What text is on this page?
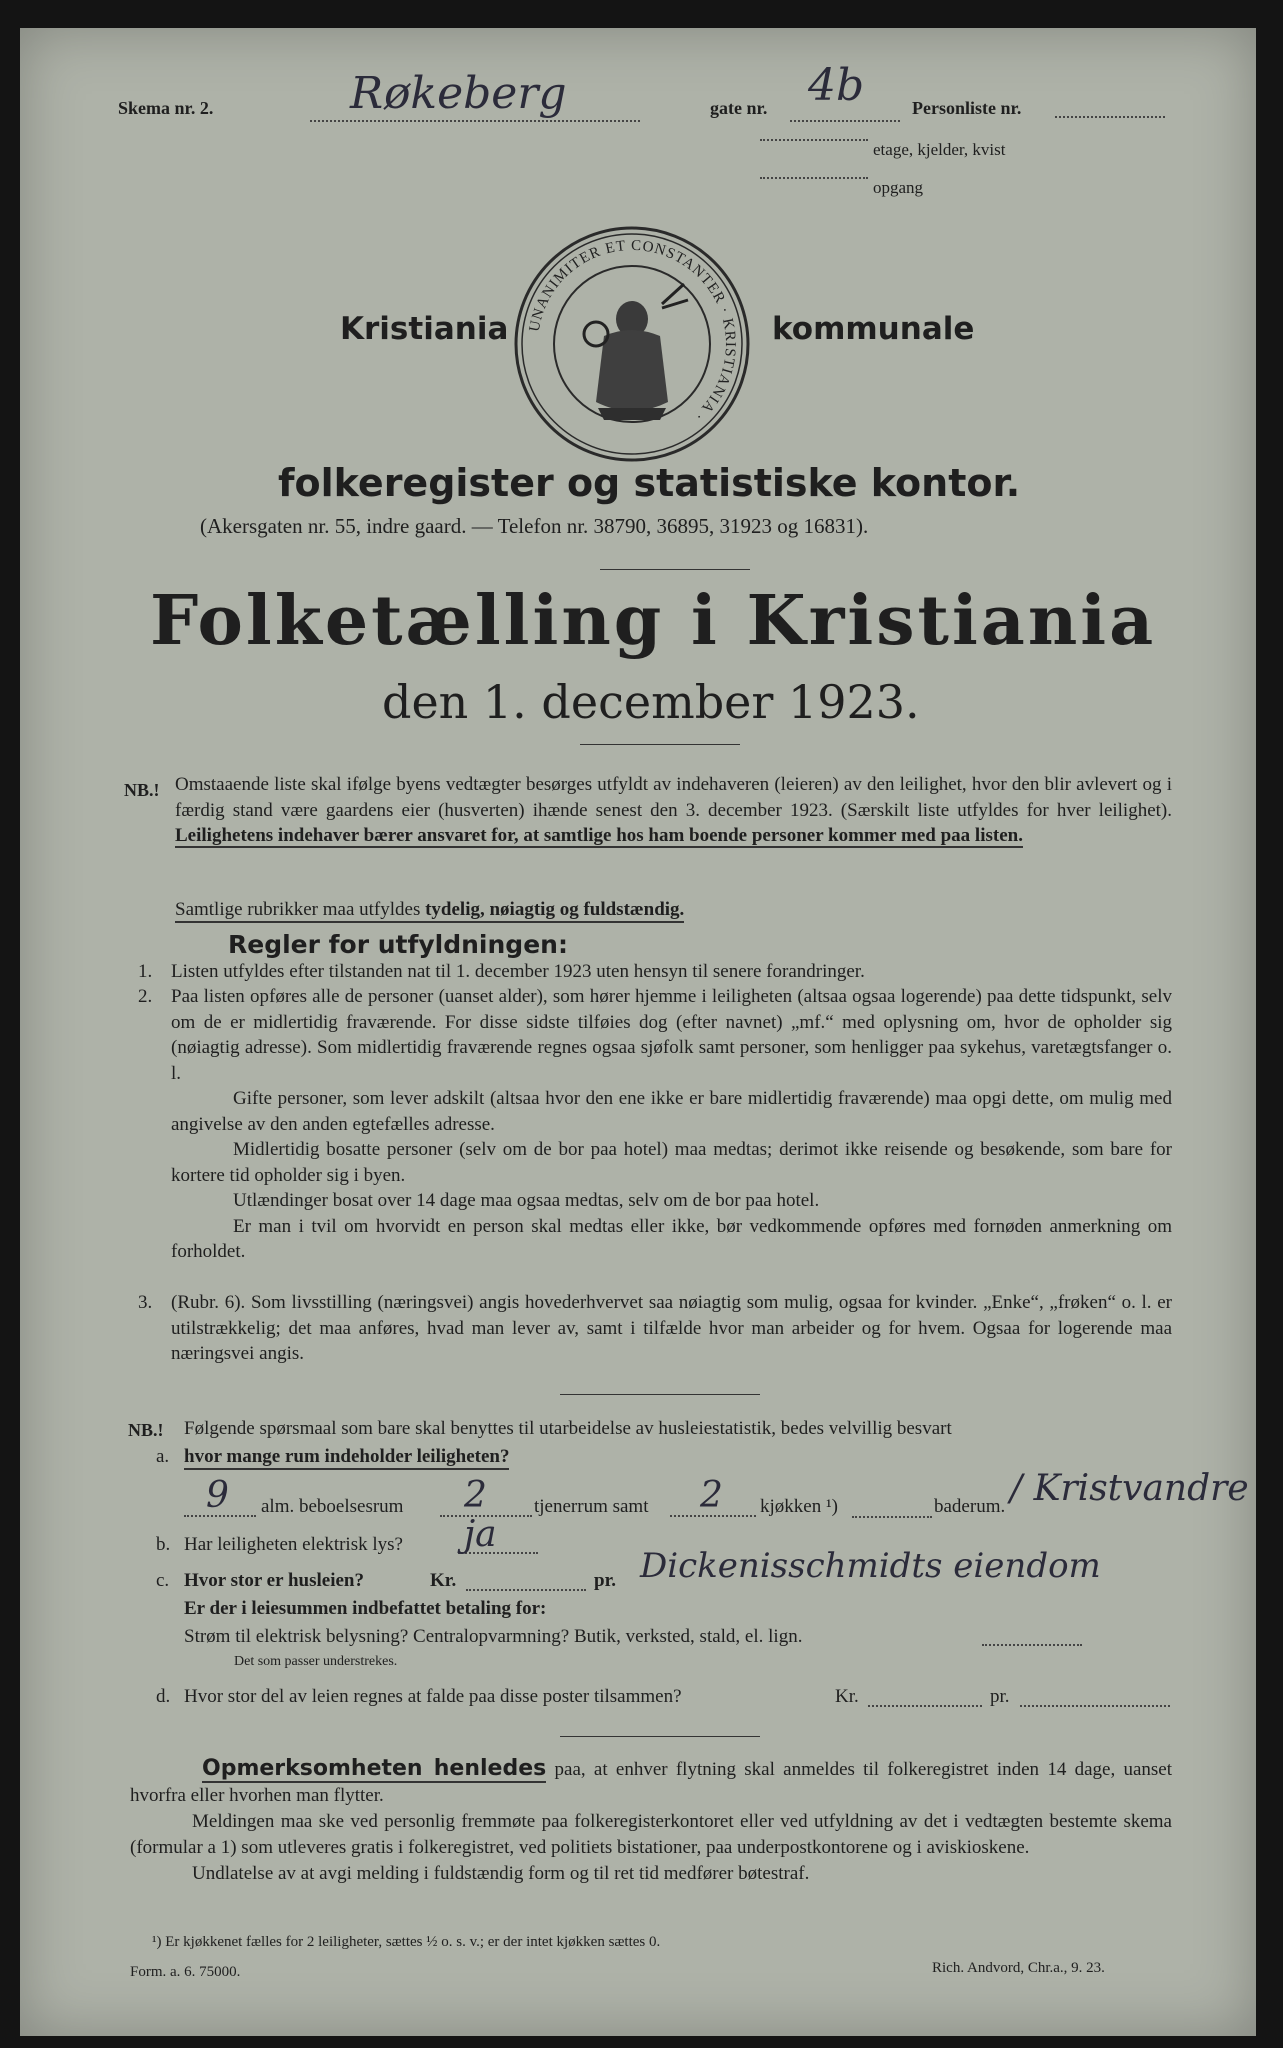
Skema nr. 2.	Røkeberg	gate nr. 4b	Personliste nr.
etage, kjelder, kvist
opgang
Kristiania UNANIMITER ET CONSTANTER · KRISTIANIA ·
kommunale
folkeregister og statistiske kontor.
(Akersgaten nr. 55, indre gaard. — Telefon nr. 38790, 36895, 31923 og 16831).
Folketælling i Kristiania
den 1. december 1923.
NB.! Omstaaende liste skal ifølge byens vedtægter besørges utfyldt av indehaveren (leieren) av den leilighet, hvor den blir avlevert og i færdig stand være gaardens eier (husverten) ihænde senest den 3. december 1923. (Særskilt liste utfyldes for hver leilighet). Leilighetens indehaver bærer ansvaret for, at samtlige hos ham boende personer kommer med paa listen.

Samtlige rubrikker maa utfyldes tydelig, nøiagtig og fuldstændig.
Regler for utfyldningen:
1. Listen utfyldes efter tilstanden nat til 1. december 1923 uten hensyn til senere forandringer.

2. Paa listen opføres alle de personer (uanset alder), som hører hjemme i leiligheten (altsaa ogsaa logerende) paa dette tidspunkt, selv om de er midlertidig fraværende. For disse sidste tilføies dog (efter navnet) „mf.“ med oplysning om, hvor de opholder sig (nøiagtig adresse). Som midlertidig fraværende regnes ogsaa sjøfolk samt personer, som henligger paa sykehus, varetægtsfanger o. l.
Gifte personer, som lever adskilt (altsaa hvor den ene ikke er bare midlertidig fraværende) maa opgi dette, om mulig med angivelse av den anden egtefælles adresse.
Midlertidig bosatte personer (selv om de bor paa hotel) maa medtas; derimot ikke reisende og besøkende, som bare for kortere tid opholder sig i byen.
Utlændinger bosat over 14 dage maa ogsaa medtas, selv om de bor paa hotel.
Er man i tvil om hvorvidt en person skal medtas eller ikke, bør vedkommende opføres med fornøden anmerkning om forholdet.

3. (Rubr. 6). Som livsstilling (næringsvei) angis hovederhvervet saa nøiagtig som mulig, ogsaa for kvinder. „Enke“, „frøken“ o. l. er utilstrækkelig; det maa anføres, hvad man lever av, samt i tilfælde hvor man arbeider og for hvem. Ogsaa for logerende maa næringsvei angis.

NB.! Følgende spørsmaal som bare skal benyttes til utarbeidelse av husleiestatistik, bedes velvillig besvart
a. hvor mange rum indeholder leiligheten?
9 alm. beboelsesrum 2 tjenerrum samt 2 kjøkken ¹)	baderum. / Kristvandre
b. Har leiligheten elektrisk lys? ja
c. Hvor stor er husleien?	Kr.	pr. Dickenisschmidts eiendom
Er der i leiesummen indbefattet betaling for:
Strøm til elektrisk belysning? Centralopvarmning? Butik, verksted, stald, el. lign.
Det som passer understrekes.
d. Hvor stor del av leien regnes at falde paa disse poster tilsammen?	Kr.	pr.

Opmerksomheten henledes paa, at enhver flytning skal anmeldes til folkeregistret inden 14 dage, uanset hvorfra eller hvorhen man flytter.
Meldingen maa ske ved personlig fremmøte paa folkeregisterkontoret eller ved utfyldning av det i vedtægten bestemte skema (formular a 1) som utleveres gratis i folkeregistret, ved politiets bistationer, paa underpostkontorene og i aviskioskene.
Undlatelse av at avgi melding i fuldstændig form og til ret tid medfører bøtestraf.

¹) Er kjøkkenet fælles for 2 leiligheter, sættes ½ o. s. v.; er der intet kjøkken sættes 0.
Form. a. 6. 75000.	Rich. Andvord, Chr.a., 9. 23.
